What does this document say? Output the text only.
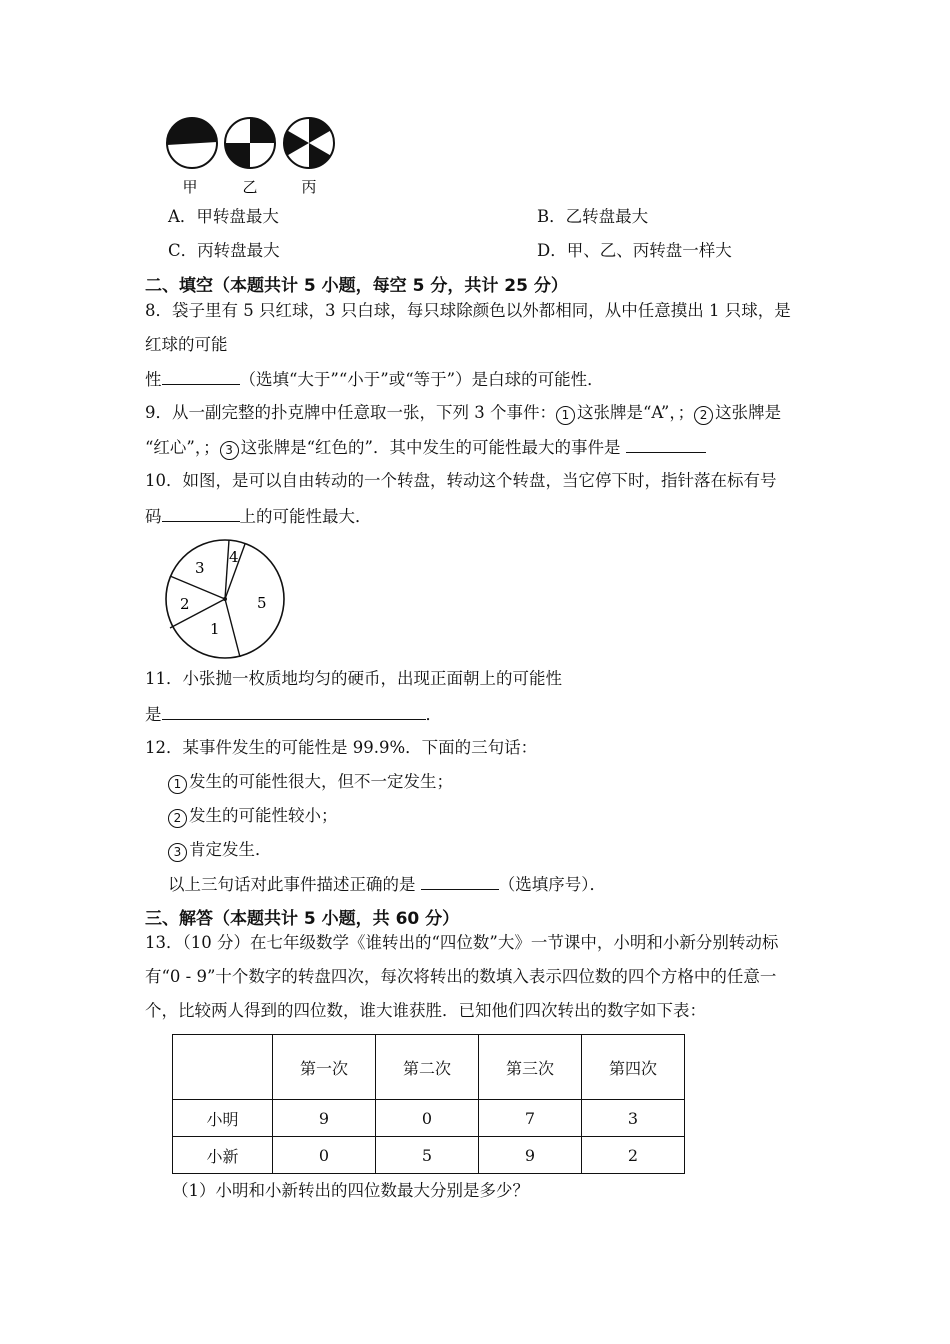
甲	乙	丙
A．甲转盘最大	B．乙转盘最大
C．丙转盘最大	D．甲、乙、丙转盘一样大
二、填空（本题共计 5 小题，每空 5 分，共计 25 分）
8．袋子里有 5 只红球，3 只白球，每只球除颜色以外都相同，从中任意摸出 1 只球，是
红球的可能
性	（选填“大于”“小于”或“等于”）是白球的可能性．
9．从一副完整的扑克牌中任意取一张，下列 3 个事件： 1 这张牌是“A”，； 2 这张牌是
“红心”，； 3 这张牌是“红色的”．其中发生的可能性最大的事件是
10．如图，是可以自由转动的一个转盘，转动这个转盘，当它停下时，指针落在标有号
码	上的可能性最大．
1
2
3
4
5
11．小张抛一枚质地均匀的硬币，出现正面朝上的可能性
是	．
12．某事件发生的可能性是 99.9%．下面的三句话：
1 发生的可能性很大，但不一定发生；
2 发生的可能性较小；
3 肯定发生．
以上三句话对此事件描述正确的是	（选填序号）．
三、解答（本题共计 5 小题，共 60 分）
13．（10 分）在七年级数学《谁转出的“四位数”大》一节课中，小明和小新分别转动标
有“0 - 9”十个数字的转盘四次，每次将转出的数填入表示四位数的四个方格中的任意一
个，比较两人得到的四位数，谁大谁获胜．已知他们四次转出的数字如下表：
	第一次	第二次	第三次	第四次
小明	9	0	7	3
小新	0	5	9	2
（1）小明和小新转出的四位数最大分别是多少？
